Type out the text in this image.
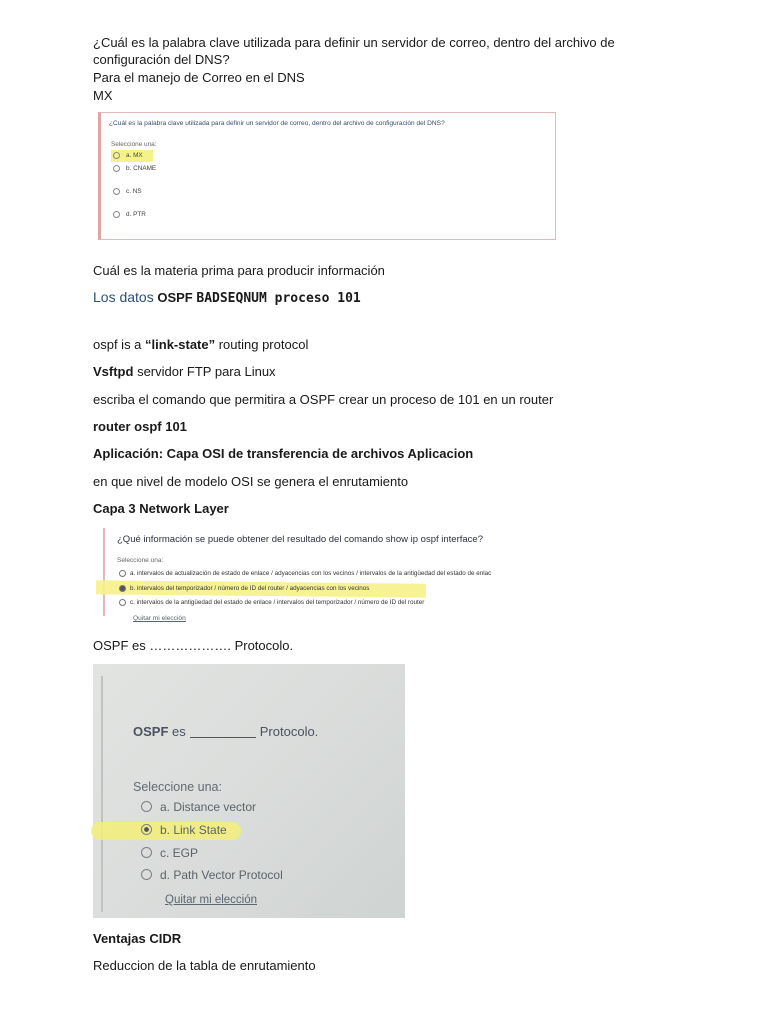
¿Cuál es la palabra clave utilizada para definir un servidor de correo, dentro del archivo de
configuración del DNS?
Para el manejo de Correo en el DNS
MX
¿Cuál es la palabra clave utilizada para definir un servidor de correo, dentro del archivo de configuración del DNS?
Seleccione una:
a. MX
b. CNAME
c. NS
d. PTR
Cuál es la materia prima para producir información
Los datos OSPF BADSEQNUM proceso 101
ospf is a “link-state” routing protocol
Vsftpd servidor FTP para Linux
escriba el comando que permitira a OSPF crear un proceso de 101 en un router
router ospf 101
Aplicación: Capa OSI de transferencia de archivos Aplicacion
en que nivel de modelo OSI se genera el enrutamiento
Capa 3 Network Layer
¿Qué información se puede obtener del resultado del comando show ip ospf interface?
Seleccione una:
a. intervalos de actualización de estado de enlace / adyacencias con los vecinos / intervalos de la antigüedad del estado de enlac
b. intervalos del temporizador / número de ID del router / adyacencias con los vecinos
c. intervalos de la antigüedad del estado de enlace / intervalos del temporizador / número de ID del router
Quitar mi elección
OSPF es ………………. Protocolo.
OSPF es	Protocolo.
Seleccione una:
a. Distance vector
b. Link State
c. EGP
d. Path Vector Protocol
Quitar mi elección
Ventajas CIDR
Reduccion de la tabla de enrutamiento
